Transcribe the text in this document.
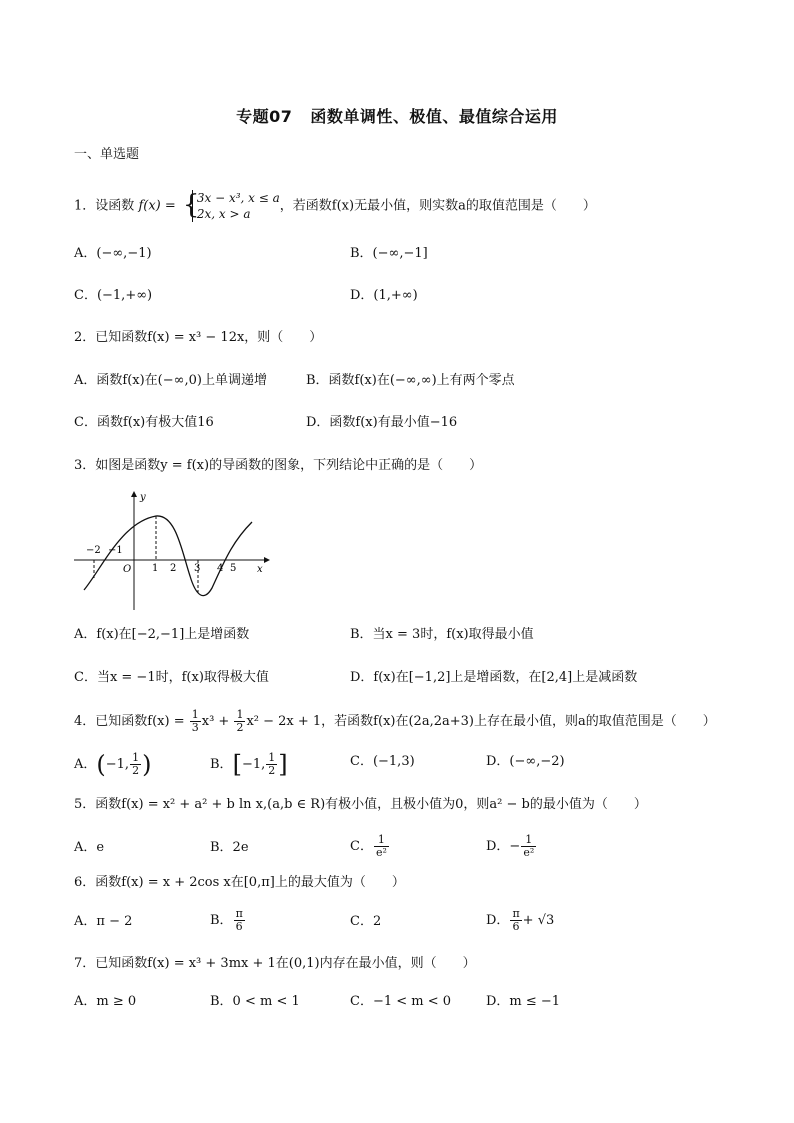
专题07 函数单调性、极值、最值综合运用
一、单选题
1．设函数 f(x) =
{ 3x − x³, x ≤ a
2x, x > a
，若函数f(x)无最小值，则实数a的取值范围是（　　）
A．(−∞,−1)	B．(−∞,−1]
C．(−1,+∞)	D．(1,+∞)
2．已知函数f(x) = x³ − 12x，则（　　）
A．函数f(x)在(−∞,0)上单调递增	B．函数f(x)在(−∞,∞)上有两个零点
C．函数f(x)有极大值16	D．函数f(x)有最小值−16
3．如图是函数y = f(x)的导函数的图象，下列结论中正确的是（　　）
y
x
O
−2 −1
1 2 3 4 5
A．f(x)在[−2,−1]上是增函数	B．当x = 3时，f(x)取得最小值
C．当x = −1时，f(x)取得极大值	D．f(x)在[−1,2]上是增函数，在[2,4]上是减函数
4．已知函数$f(x) = \frac{1}{3} x^3 + \frac{1}{2} x^2 - 2x + 1$，若函数f(x)在(2a,2a+3)上存在最小值，则a的取值范围是（　　）
A．(−1, $\frac{1}{2}$ )	B．[−1, $\frac{1}{2}$ ]	C．(−1,3)	D．(−∞,−2)
5．函数f(x) = x² + a² + b ln x,(a,b ∈ R)有极小值，且极小值为0，则a² − b的最小值为（　　）
A．e	B．2e	C． $\frac{1}{\text{e²}}$	D．− $\frac{1}{\text{e²}}$
6．函数f(x) = x + 2cos x在[0,π]上的最大值为（　　）
A．π − 2	B． $\frac{\pi}{6}$	C．2	D． $\frac{\pi}{6} + √3$
7．已知函数f(x) = x³ + 3mx + 1在(0,1)内存在最小值，则（　　）
A．m ≥ 0	B．0 < m < 1	C．−1 < m < 0	D．m ≤ −1
